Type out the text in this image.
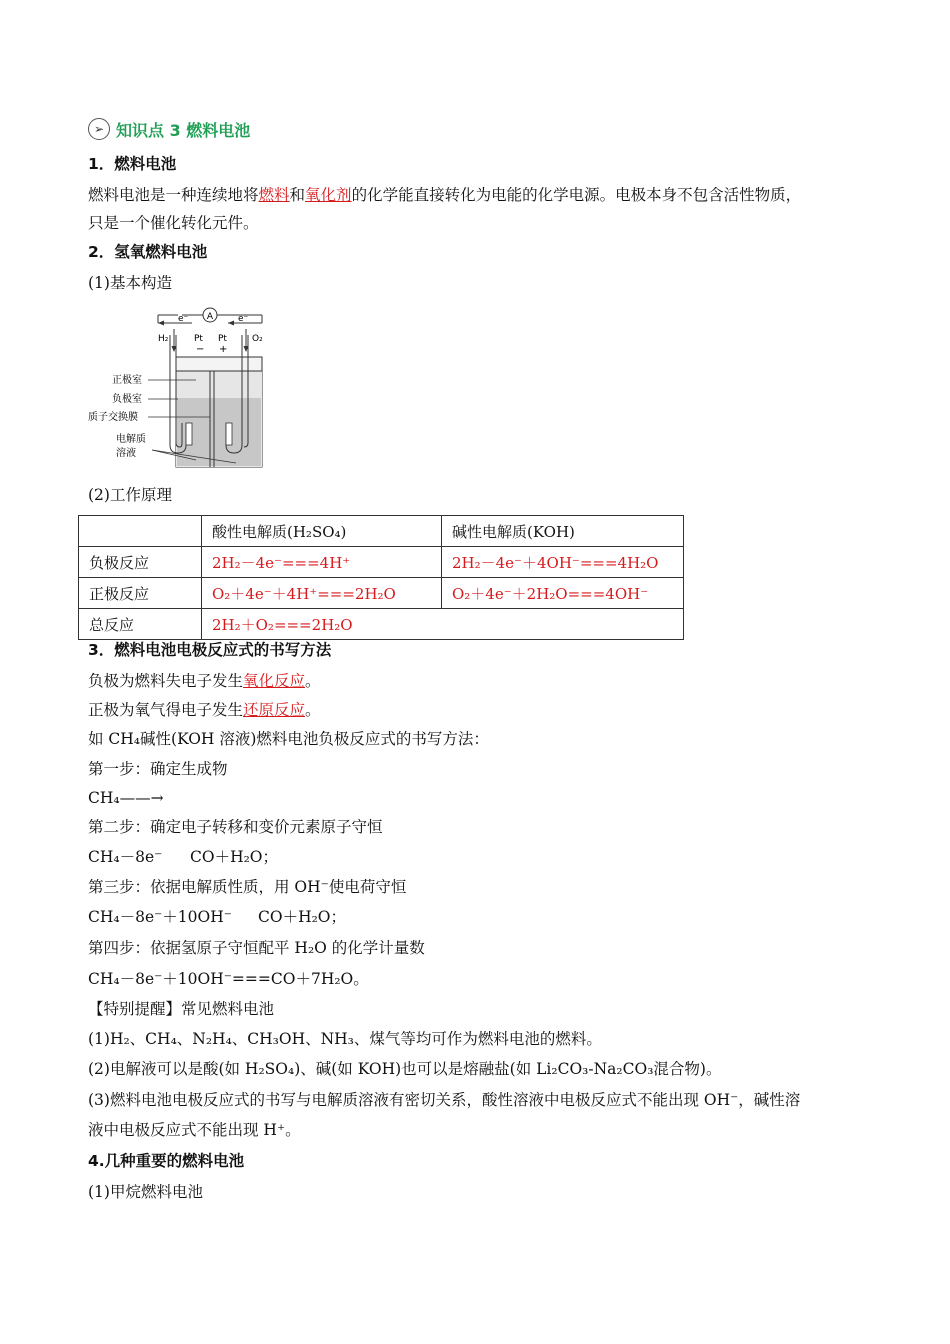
➢ 知识点 3 燃料电池
1．燃料电池
燃料电池是一种连续地将燃料和氧化剂的化学能直接转化为电能的化学电源。电极本身不包含活性物质，
只是一个催化转化元件。
2．氢氧燃料电池
(1)基本构造
A
e⁻	e⁻
H₂	O₂
Pt
−
Pt
+
正极室
负极室
质子交换膜
电解质
溶液
(2)工作原理
	酸性电解质(H₂SO₄)	碱性电解质(KOH)
负极反应	2H₂－4e⁻===4H⁺	2H₂－4e⁻＋4OH⁻===4H₂O
正极反应	O₂＋4e⁻＋4H⁺===2H₂O	O₂＋4e⁻＋2H₂O===4OH⁻
总反应	2H₂＋O₂===2H₂O	
3．燃料电池电极反应式的书写方法
负极为燃料失电子发生氧化反应。
正极为氧气得电子发生还原反应。
如 CH₄碱性(KOH 溶液)燃料电池负极反应式的书写方法：
第一步：确定生成物
CH₄——→
第二步：确定电子转移和变价元素原子守恒
CH₄－8e⁻ CO＋H₂O；
第三步：依据电解质性质，用 OH⁻使电荷守恒
CH₄－8e⁻＋10OH⁻ CO＋H₂O；
第四步：依据氢原子守恒配平 H₂O 的化学计量数
CH₄－8e⁻＋10OH⁻===CO＋7H₂O。
【特别提醒】常见燃料电池
(1)H₂、CH₄、N₂H₄、CH₃OH、NH₃、煤气等均可作为燃料电池的燃料。
(2)电解液可以是酸(如 H₂SO₄)、碱(如 KOH)也可以是熔融盐(如 Li₂CO₃-Na₂CO₃混合物)。
(3)燃料电池电极反应式的书写与电解质溶液有密切关系，酸性溶液中电极反应式不能出现 OH⁻，碱性溶
液中电极反应式不能出现 H⁺。
4.几种重要的燃料电池
(1)甲烷燃料电池
